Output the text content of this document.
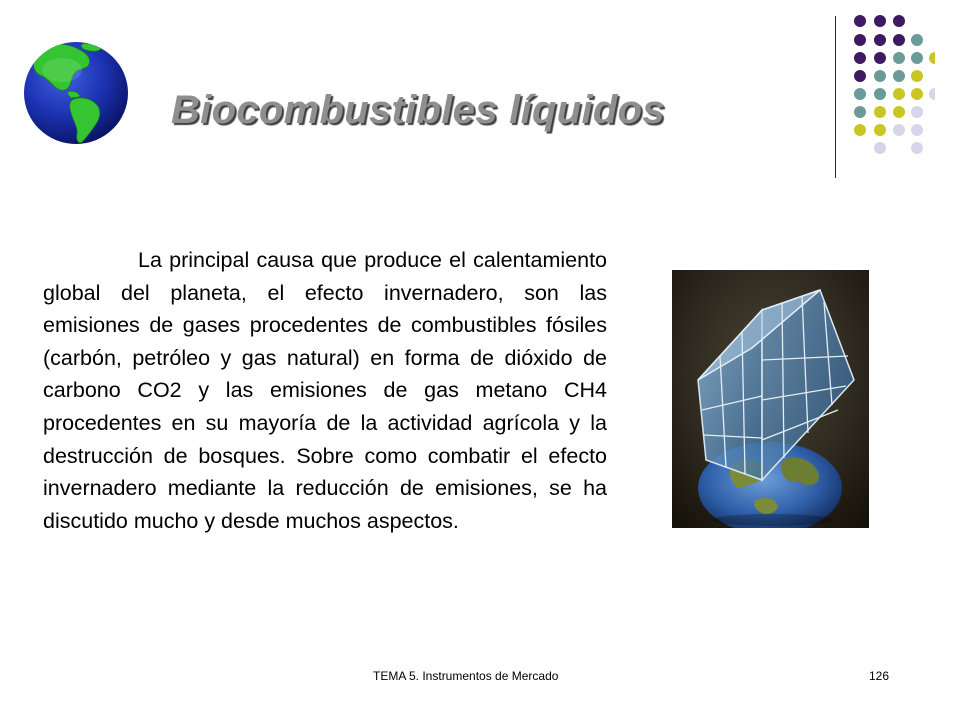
Biocombustibles líquidos

La principal causa que produce el calentamiento global del planeta, el efecto invernadero, son las emisiones de gases procedentes de combustibles fósiles (carbón, petróleo y gas natural) en forma de dióxido de carbono CO2 y las emisiones de gas metano CH4 procedentes en su mayoría de la actividad agrícola y la destrucción de bosques. Sobre como combatir el efecto invernadero mediante la reducción de emisiones, se ha discutido mucho y desde muchos aspectos.

TEMA 5. Instrumentos de Mercado	126
